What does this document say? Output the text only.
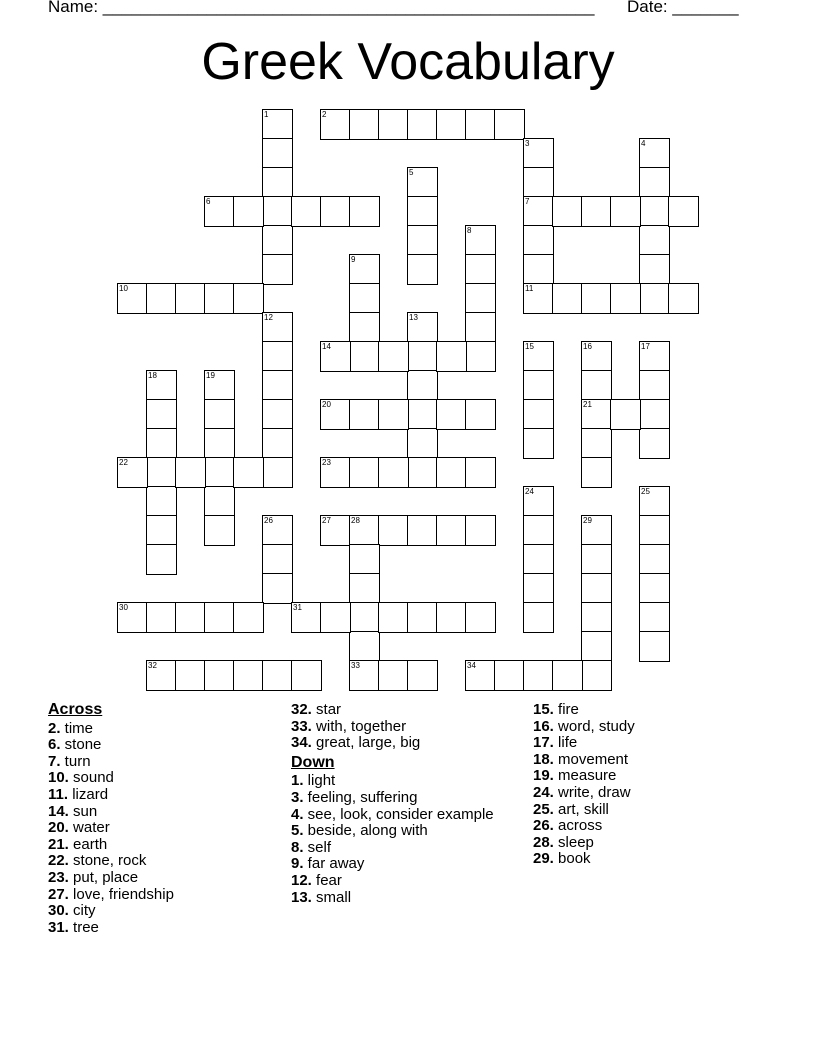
Name: ____________________________________________________ Date: _______
Greek Vocabulary
1	2
3
7
11
4
5
6
8
9
10
12	13
14	15	16
21
17
18	19
20
22	23
24	25
26	27	28	29
30	31
32	33	34
Across
2. time
6. stone
7. turn
10. sound
11. lizard
14. sun
20. water
21. earth
22. stone, rock
23. put, place
27. love, friendship
30. city
31. tree
32. star
33. with, together
34. great, large, big
Down
1. light
3. feeling, suffering
4. see, look, consider example
5. beside, along with
8. self
9. far away
12. fear
13. small
15. fire
16. word, study
17. life
18. movement
19. measure
24. write, draw
25. art, skill
26. across
28. sleep
29. book
